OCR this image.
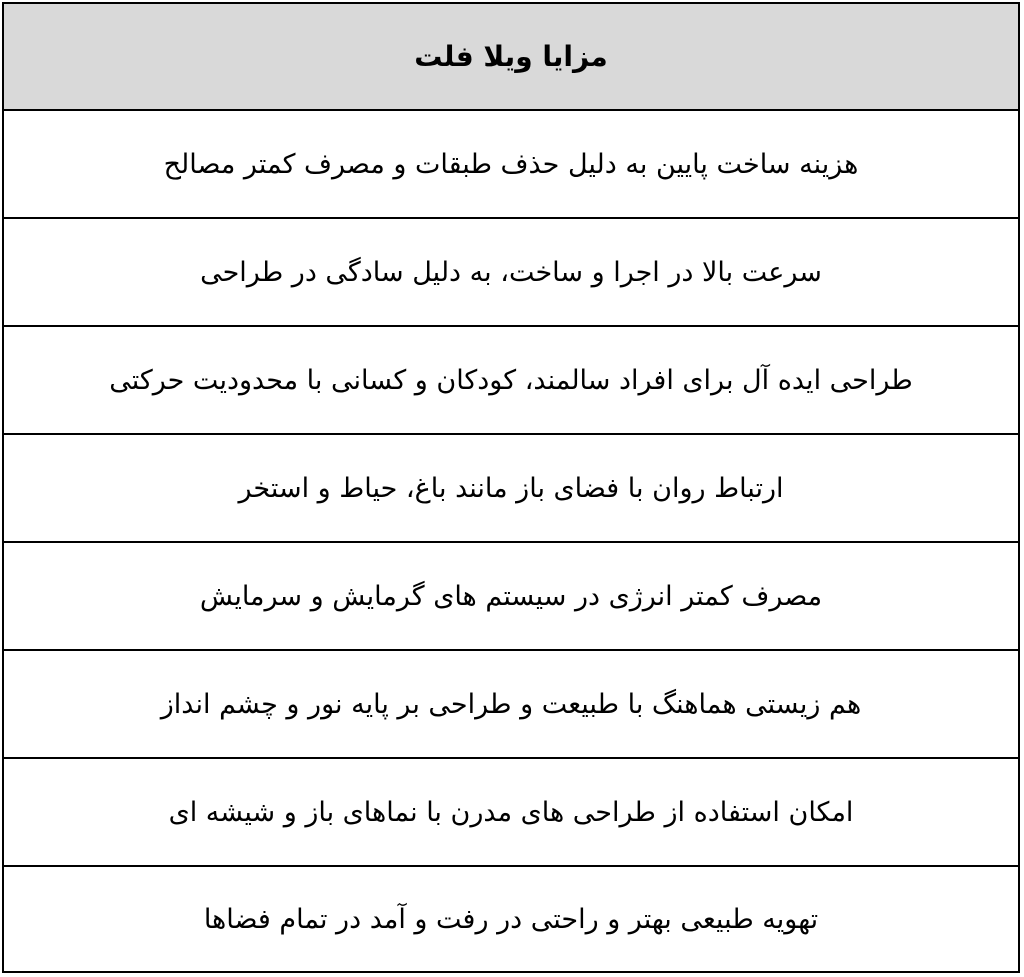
مزایا ویلا فلت
هزینه ساخت پایین به دلیل حذف طبقات و مصرف کمتر مصالح
سرعت بالا در اجرا و ساخت، به دلیل سادگی در طراحی
طراحی ایده آل برای افراد سالمند، کودکان و کسانی با محدودیت حرکتی
ارتباط روان با فضای باز مانند باغ، حیاط و استخر
مصرف کمتر انرژی در سیستم های گرمایش و سرمایش
هم زیستی هماهنگ با طبیعت و طراحی بر پایه نور و چشم انداز
امکان استفاده از طراحی های مدرن با نماهای باز و شیشه ای
تهویه طبیعی بهتر و راحتی در رفت و آمد در تمام فضاها
